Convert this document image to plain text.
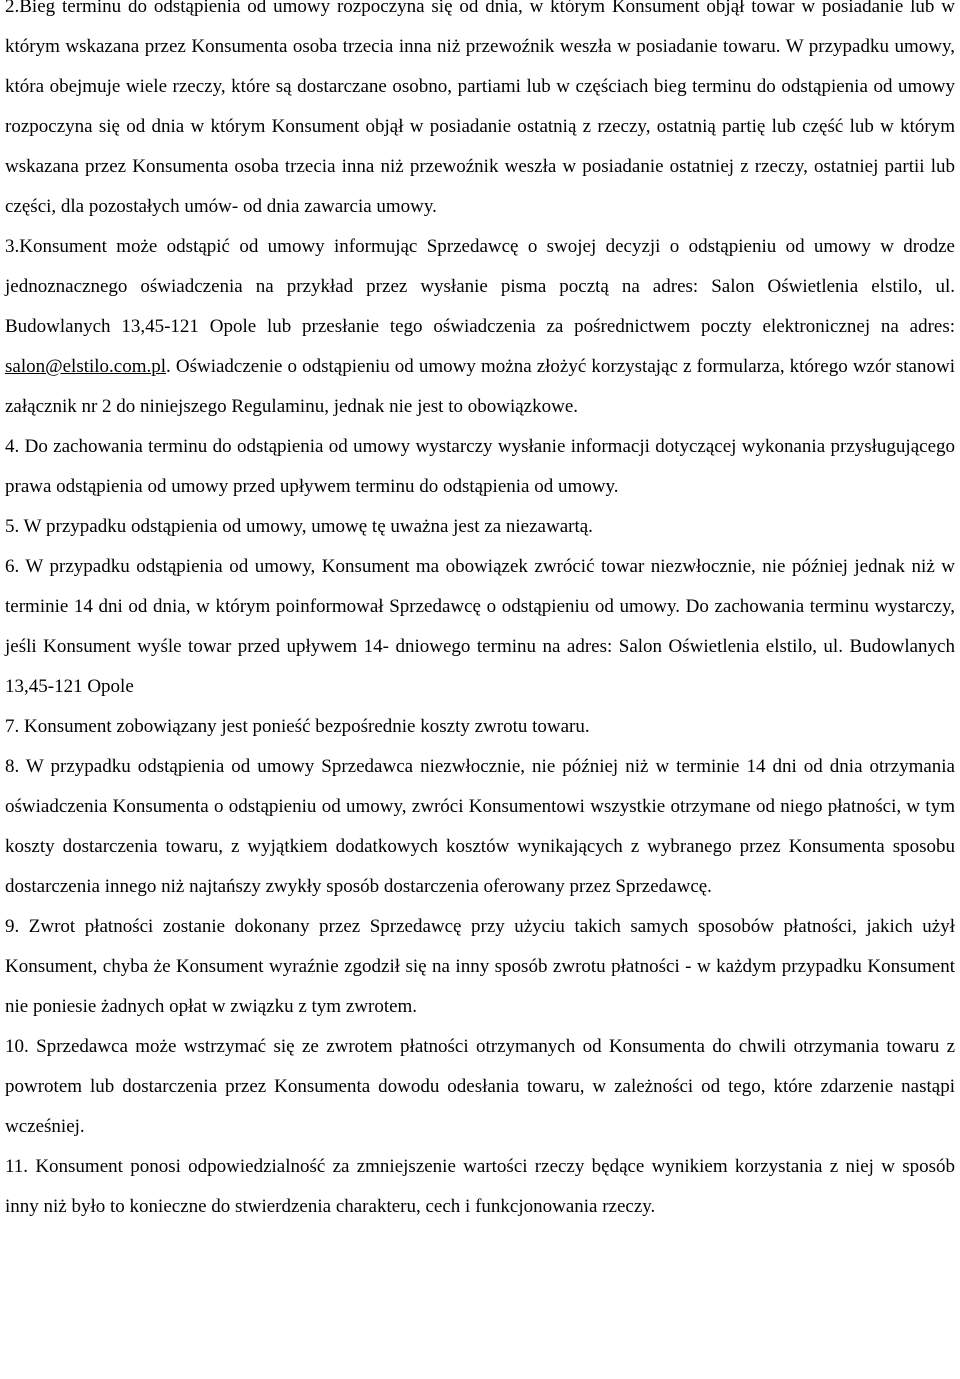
2.Bieg terminu do odstąpienia od umowy rozpoczyna się od dnia, w którym Konsument objął towar w posiadanie lub w którym wskazana przez Konsumenta osoba trzecia inna niż przewoźnik weszła w posiadanie towaru. W przypadku umowy, która obejmuje wiele rzeczy, które są dostarczane osobno, partiami lub w częściach bieg terminu do odstąpienia od umowy rozpoczyna się od dnia w którym Konsument objął w posiadanie ostatnią z rzeczy, ostatnią partię lub część lub w którym wskazana przez Konsumenta osoba trzecia inna niż przewoźnik weszła w posiadanie ostatniej z rzeczy, ostatniej partii lub części, dla pozostałych umów- od dnia zawarcia umowy.

3.Konsument może odstąpić od umowy informując Sprzedawcę o swojej decyzji o odstąpieniu od umowy w drodze jednoznacznego oświadczenia na przykład przez wysłanie pisma pocztą na adres: Salon Oświetlenia elstilo, ul. Budowlanych 13,45-121 Opole lub przesłanie tego oświadczenia za pośrednictwem poczty elektronicznej na adres: salon@elstilo.com.pl. Oświadczenie o odstąpieniu od umowy można złożyć korzystając z formularza, którego wzór stanowi załącznik nr 2 do niniejszego Regulaminu, jednak nie jest to obowiązkowe.

4. Do zachowania terminu do odstąpienia od umowy wystarczy wysłanie informacji dotyczącej wykonania przysługującego prawa odstąpienia od umowy przed upływem terminu do odstąpienia od umowy.

5. W przypadku odstąpienia od umowy, umowę tę uważna jest za niezawartą.

6. W przypadku odstąpienia od umowy, Konsument ma obowiązek zwrócić towar niezwłocznie, nie później jednak niż w terminie 14 dni od dnia, w którym poinformował Sprzedawcę o odstąpieniu od umowy. Do zachowania terminu wystarczy, jeśli Konsument wyśle towar przed upływem 14- dniowego terminu na adres: Salon Oświetlenia elstilo, ul. Budowlanych 13,45-121 Opole

7. Konsument zobowiązany jest ponieść bezpośrednie koszty zwrotu towaru.

8. W przypadku odstąpienia od umowy Sprzedawca niezwłocznie, nie później niż w terminie 14 dni od dnia otrzymania oświadczenia Konsumenta o odstąpieniu od umowy, zwróci Konsumentowi wszystkie otrzymane od niego płatności, w tym koszty dostarczenia towaru, z wyjątkiem dodatkowych kosztów wynikających z wybranego przez Konsumenta sposobu dostarczenia innego niż najtańszy zwykły sposób dostarczenia oferowany przez Sprzedawcę.

9. Zwrot płatności zostanie dokonany przez Sprzedawcę przy użyciu takich samych sposobów płatności, jakich użył Konsument, chyba że Konsument wyraźnie zgodził się na inny sposób zwrotu płatności - w każdym przypadku Konsument nie poniesie żadnych opłat w związku z tym zwrotem.

10. Sprzedawca może wstrzymać się ze zwrotem płatności otrzymanych od Konsumenta do chwili otrzymania towaru z powrotem lub dostarczenia przez Konsumenta dowodu odesłania towaru, w zależności od tego, które zdarzenie nastąpi wcześniej.

11. Konsument ponosi odpowiedzialność za zmniejszenie wartości rzeczy będące wynikiem korzystania z niej w sposób inny niż było to konieczne do stwierdzenia charakteru, cech i funkcjonowania rzeczy.
